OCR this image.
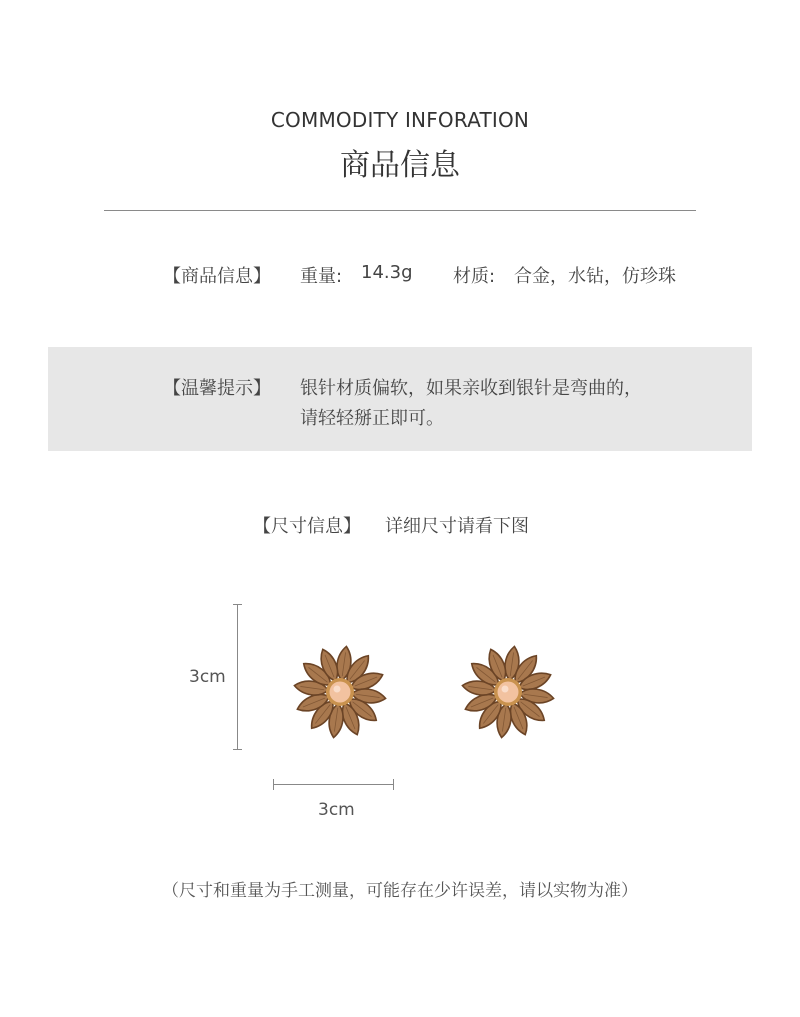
COMMODITY INFORATION
商品信息
【商品信息】 重量: 14.3g 材质: 合金，水钻，仿珍珠
【温馨提示】 银针材质偏软，如果亲收到银针是弯曲的，
请轻轻掰正即可。
【尺寸信息】 详细尺寸请看下图
3cm
3cm
（尺寸和重量为手工测量，可能存在少许误差，请以实物为准）
